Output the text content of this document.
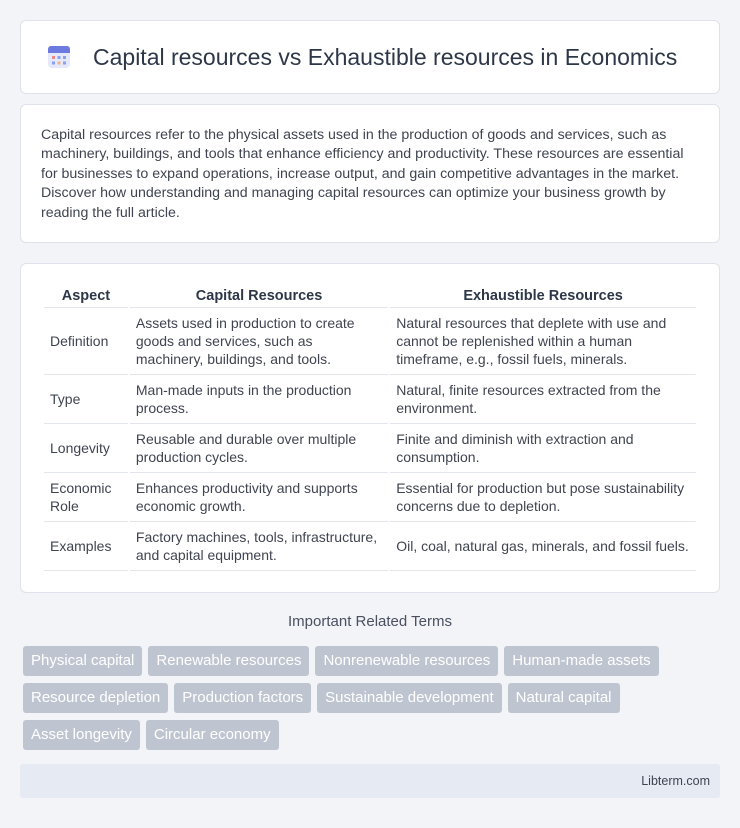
Capital resources vs Exhaustible resources in Economics

Capital resources refer to the physical assets used in the production of goods and services, such as machinery, buildings, and tools that enhance efficiency and productivity. These resources are essential for businesses to expand operations, increase output, and gain competitive advantages in the market. Discover how understanding and managing capital resources can optimize your business growth by reading the full article.

Aspect	Capital Resources	Exhaustible Resources
Definition	Assets used in production to create goods and services, such as machinery, buildings, and tools.	Natural resources that deplete with use and cannot be replenished within a human timeframe, e.g., fossil fuels, minerals.
Type	Man-made inputs in the production process.	Natural, finite resources extracted from the environment.
Longevity	Reusable and durable over multiple production cycles.	Finite and diminish with extraction and consumption.
Economic Role	Enhances productivity and supports economic growth.	Essential for production but pose sustainability concerns due to depletion.
Examples	Factory machines, tools, infrastructure, and capital equipment.	Oil, coal, natural gas, minerals, and fossil fuels.
Important Related Terms
Physical capital	Renewable resources	Nonrenewable resources	Human-made assets
Resource depletion	Production factors	Sustainable development	Natural capital
Asset longevity	Circular economy
Libterm.com
